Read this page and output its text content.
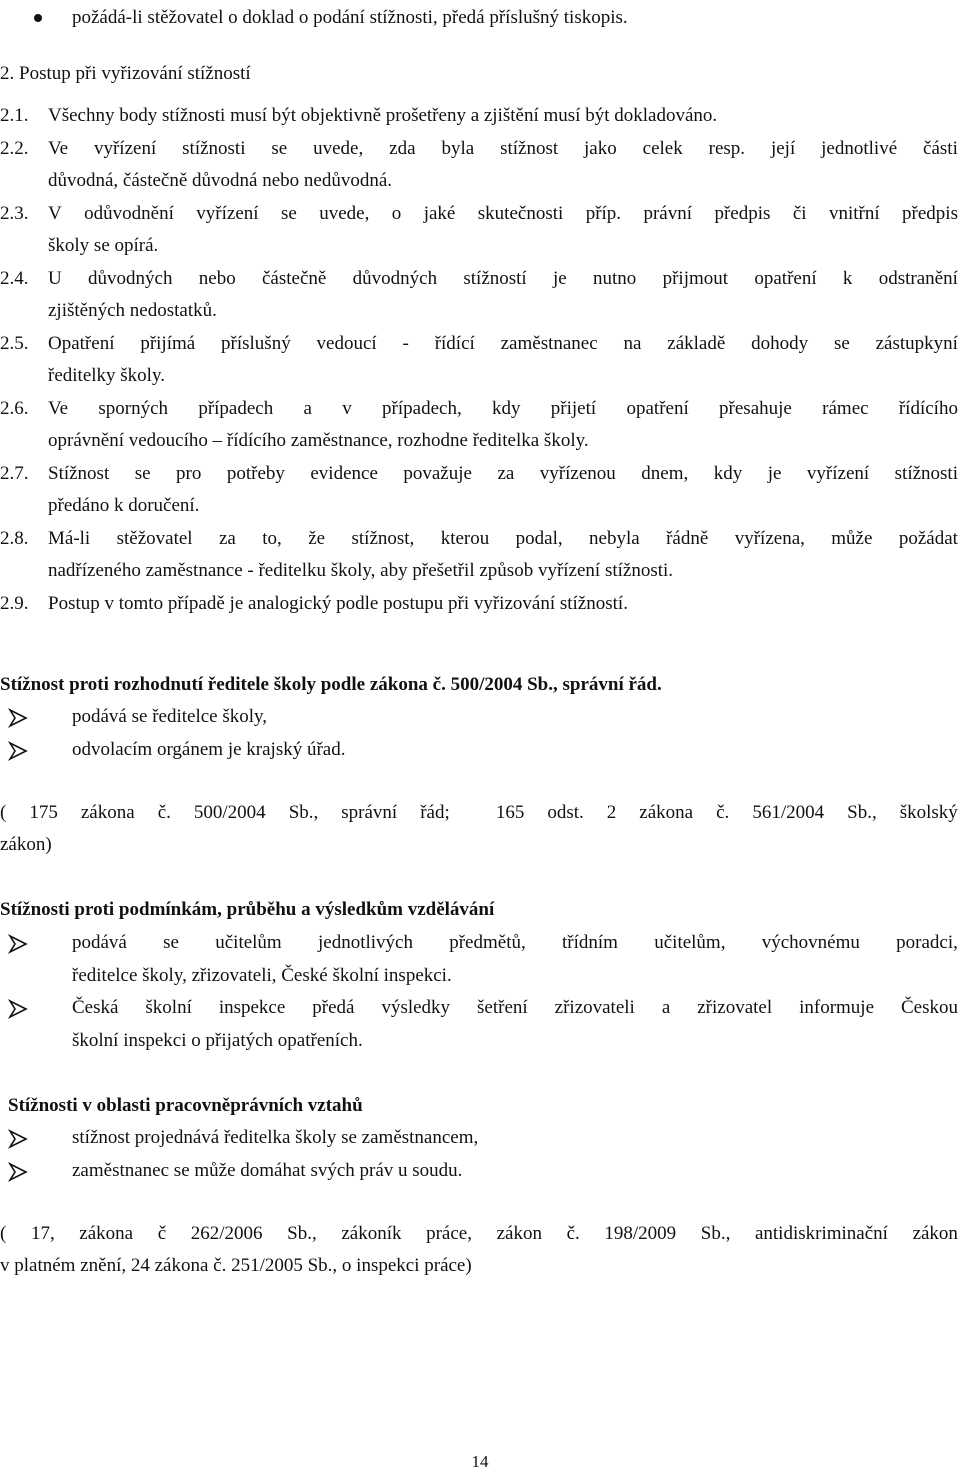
požádá-li stěžovatel o doklad o podání stížnosti, předá příslušný tiskopis.
2. Postup při vyřizování stížností
2.1. Všechny body stížnosti musí být objektivně prošetřeny a zjištění musí být dokladováno.
2.2. Ve vyřízení stížnosti se uvede, zda byla stížnost jako celek resp. její jednotlivé části
důvodná, částečně důvodná nebo nedůvodná.
2.3. V odůvodnění vyřízení se uvede, o jaké skutečnosti příp. právní předpis či vnitřní předpis
školy se opírá.
2.4. U důvodných nebo částečně důvodných stížností je nutno přijmout opatření k odstranění
zjištěných nedostatků.
2.5. Opatření přijímá příslušný vedoucí - řídící zaměstnanec na základě dohody se zástupkyní
ředitelky školy.
2.6. Ve sporných případech a v případech, kdy přijetí opatření přesahuje rámec řídícího
oprávnění vedoucího – řídícího zaměstnance, rozhodne ředitelka školy.
2.7. Stížnost se pro potřeby evidence považuje za vyřízenou dnem, kdy je vyřízení stížnosti
předáno k doručení.
2.8. Má-li stěžovatel za to, že stížnost, kterou podal, nebyla řádně vyřízena, může požádat
nadřízeného zaměstnance - ředitelku školy, aby přešetřil způsob vyřízení stížnosti.
2.9. Postup v tomto případě je analogický podle postupu při vyřizování stížností.
Stížnost proti rozhodnutí ředitele školy podle zákona č. 500/2004 Sb., správní řád.
podává se ředitelce školy,
odvolacím orgánem je krajský úřad.
( 175 zákona č. 500/2004 Sb., správní řád; 165 odst. 2 zákona č. 561/2004 Sb., školský
zákon)
Stížnosti proti podmínkám, průběhu a výsledkům vzdělávání
podává se učitelům jednotlivých předmětů, třídním učitelům, výchovnému poradci,
ředitelce školy, zřizovateli, České školní inspekci.
Česká školní inspekce předá výsledky šetření zřizovateli a zřizovatel informuje Českou
školní inspekci o přijatých opatřeních.
Stížnosti v oblasti pracovněprávních vztahů
stížnost projednává ředitelka školy se zaměstnancem,
zaměstnanec se může domáhat svých práv u soudu.
( 17, zákona č 262/2006 Sb., zákoník práce, zákon č. 198/2009 Sb., antidiskriminační zákon
v platném znění, 24 zákona č. 251/2005 Sb., o inspekci práce)
14
